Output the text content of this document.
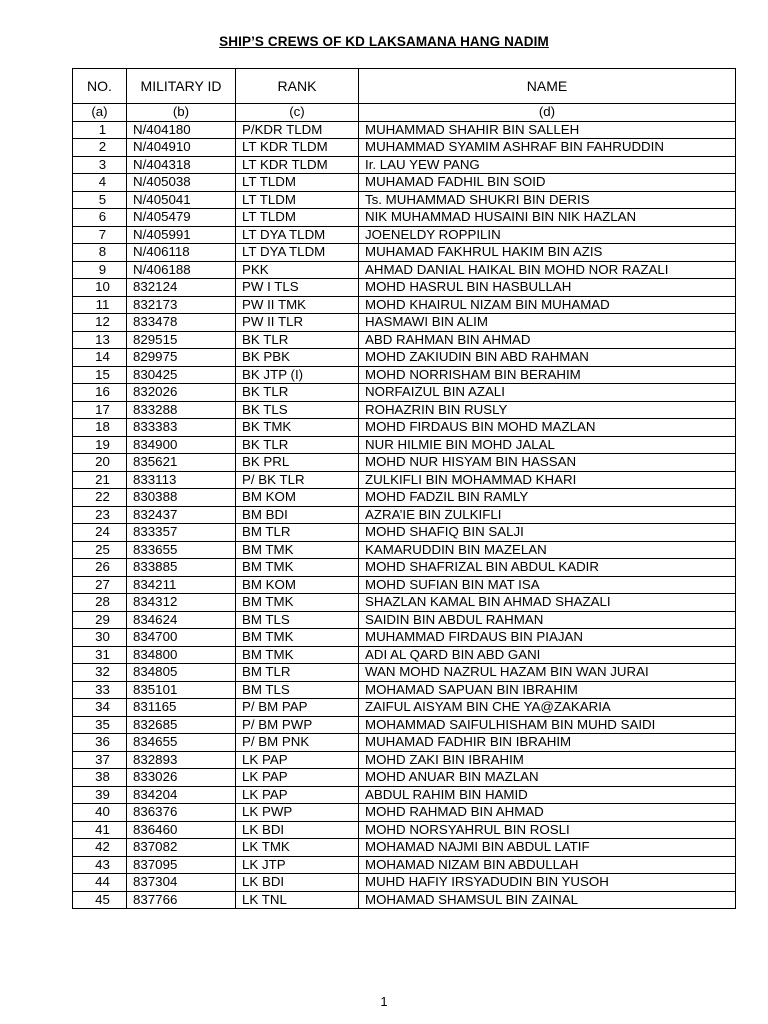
SHIP’S CREWS OF KD LAKSAMANA HANG NADIM
NO.	MILITARY ID	RANK	NAME
(a)	(b)	(c)	(d)
1	N/404180	P/KDR TLDM	MUHAMMAD SHAHIR BIN SALLEH
2	N/404910	LT KDR TLDM	MUHAMMAD SYAMIM ASHRAF BIN FAHRUDDIN
3	N/404318	LT KDR TLDM	Ir. LAU YEW PANG
4	N/405038	LT TLDM	MUHAMAD FADHIL BIN SOID
5	N/405041	LT TLDM	Ts. MUHAMMAD SHUKRI BIN DERIS
6	N/405479	LT TLDM	NIK MUHAMMAD HUSAINI BIN NIK HAZLAN
7	N/405991	LT DYA TLDM	JOENELDY ROPPILIN
8	N/406118	LT DYA TLDM	MUHAMAD FAKHRUL HAKIM BIN AZIS
9	N/406188	PKK	AHMAD DANIAL HAIKAL BIN MOHD NOR RAZALI
10	832124	PW I TLS	MOHD HASRUL BIN HASBULLAH
11	832173	PW II TMK	MOHD KHAIRUL NIZAM BIN MUHAMAD
12	833478	PW II TLR	HASMAWI BIN ALIM
13	829515	BK TLR	ABD RAHMAN BIN AHMAD
14	829975	BK PBK	MOHD ZAKIUDIN BIN ABD RAHMAN
15	830425	BK JTP (I)	MOHD NORRISHAM BIN BERAHIM
16	832026	BK TLR	NORFAIZUL BIN AZALI
17	833288	BK TLS	ROHAZRIN BIN RUSLY
18	833383	BK TMK	MOHD FIRDAUS BIN MOHD MAZLAN
19	834900	BK TLR	NUR HILMIE BIN MOHD JALAL
20	835621	BK PRL	MOHD NUR HISYAM BIN HASSAN
21	833113	P/ BK TLR	ZULKIFLI BIN MOHAMMAD KHARI
22	830388	BM KOM	MOHD FADZIL BIN RAMLY
23	832437	BM BDI	AZRA’IE BIN ZULKIFLI
24	833357	BM TLR	MOHD SHAFIQ BIN SALJI
25	833655	BM TMK	KAMARUDDIN BIN MAZELAN
26	833885	BM TMK	MOHD SHAFRIZAL BIN ABDUL KADIR
27	834211	BM KOM	MOHD SUFIAN BIN MAT ISA
28	834312	BM TMK	SHAZLAN KAMAL BIN AHMAD SHAZALI
29	834624	BM TLS	SAIDIN BIN ABDUL RAHMAN
30	834700	BM TMK	MUHAMMAD FIRDAUS BIN PIAJAN
31	834800	BM TMK	ADI AL QARD BIN ABD GANI
32	834805	BM TLR	WAN MOHD NAZRUL HAZAM BIN WAN JURAI
33	835101	BM TLS	MOHAMAD SAPUAN BIN IBRAHIM
34	831165	P/ BM PAP	ZAIFUL AISYAM BIN CHE YA@ZAKARIA
35	832685	P/ BM PWP	MOHAMMAD SAIFULHISHAM BIN MUHD SAIDI
36	834655	P/ BM PNK	MUHAMAD FADHIR BIN IBRAHIM
37	832893	LK PAP	MOHD ZAKI BIN IBRAHIM
38	833026	LK PAP	MOHD ANUAR BIN MAZLAN
39	834204	LK PAP	ABDUL RAHIM BIN HAMID
40	836376	LK PWP	MOHD RAHMAD BIN AHMAD
41	836460	LK BDI	MOHD NORSYAHRUL BIN ROSLI
42	837082	LK TMK	MOHAMAD NAJMI BIN ABDUL LATIF
43	837095	LK JTP	MOHAMAD NIZAM BIN ABDULLAH
44	837304	LK BDI	MUHD HAFIY IRSYADUDIN BIN YUSOH
45	837766	LK TNL	MOHAMAD SHAMSUL BIN ZAINAL
1
